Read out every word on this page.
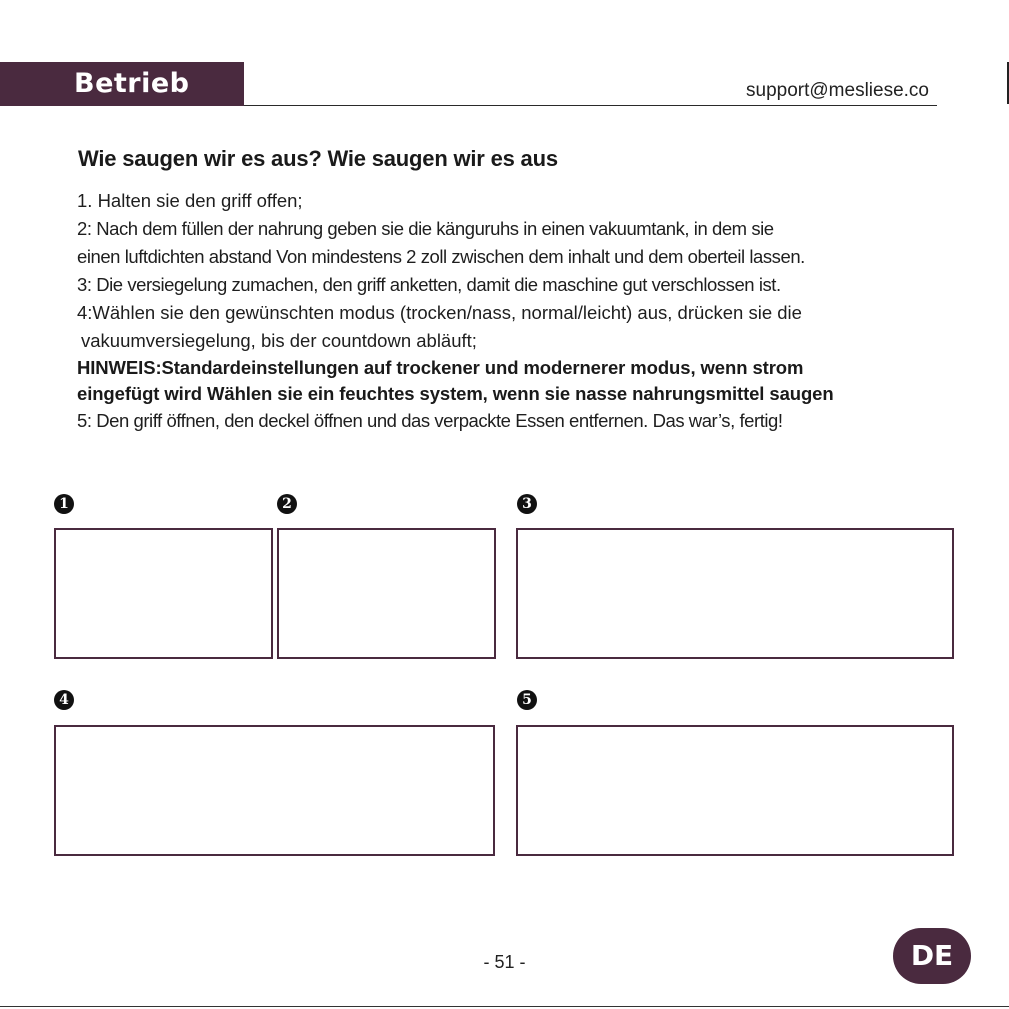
Betrieb	support@mesliese.co
Wie saugen wir es aus? Wie saugen wir es aus
1. Halten sie den griff offen;
2: Nach dem füllen der nahrung geben sie die känguruhs in einen vakuumtank, in dem sie
einen luftdichten abstand Von mindestens 2 zoll zwischen dem inhalt und dem oberteil lassen.
3: Die versiegelung zumachen, den griff anketten, damit die maschine gut verschlossen ist.
4:Wählen sie den gewünschten modus (trocken/nass, normal/leicht) aus, drücken sie die
vakuumversiegelung, bis der countdown abläuft;
HINWEIS:Standardeinstellungen auf trockener und modernerer modus, wenn strom
eingefügt wird Wählen sie ein feuchtes system, wenn sie nasse nahrungsmittel saugen
5: Den griff öffnen, den deckel öffnen und das verpackte Essen entfernen. Das war’s, fertig!
1	2	3
4	5
- 51 -	DE
